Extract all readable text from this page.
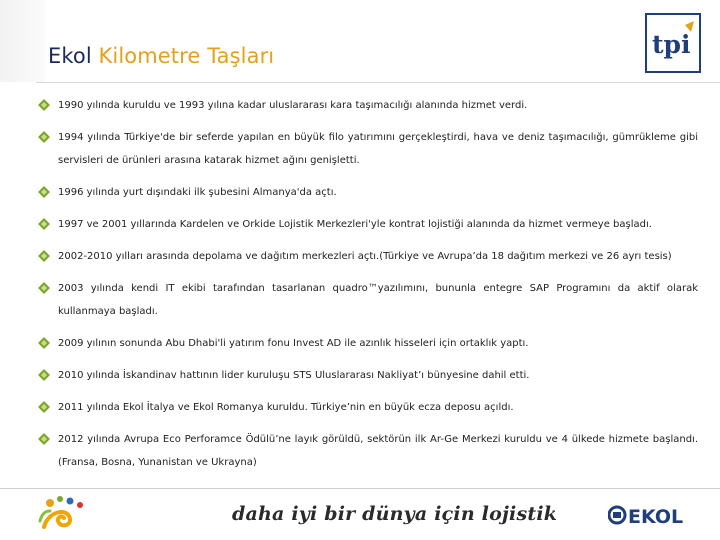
Ekol Kilometre Taşları	tpi
1990 yılında kuruldu ve 1993 yılına kadar uluslararası kara taşımacılığı alanında hizmet verdi.
1994 yılında Türkiye'de bir seferde yapılan en büyük filo yatırımını gerçekleştirdi, hava ve deniz taşımacılığı, gümrükleme gibi servisleri de ürünleri arasına katarak hizmet ağını genişletti.
1996 yılında yurt dışındaki ilk şubesini Almanya'da açtı.
1997 ve 2001 yıllarında Kardelen ve Orkide Lojistik Merkezleri'yle kontrat lojistiği alanında da hizmet vermeye başladı.
2002-2010 yılları arasında depolama ve dağıtım merkezleri açtı.(Türkiye ve Avrupa’da 18 dağıtım merkezi ve 26 ayrı tesis)
2003 yılında kendi IT ekibi tarafından tasarlanan quadro™yazılımını, bununla entegre SAP Programını da aktif olarak kullanmaya başladı.
2009 yılının sonunda Abu Dhabi'li yatırım fonu Invest AD ile azınlık hisseleri için ortaklık yaptı.
2010 yılında İskandinav hattının lider kuruluşu STS Uluslararası Nakliyat’ı bünyesine dahil etti.
2011 yılında Ekol İtalya ve Ekol Romanya kuruldu. Türkiye’nin en büyük ecza deposu açıldı.
2012 yılında Avrupa Eco Perforamce Ödülü’ne layık görüldü, sektörün ilk Ar-Ge Merkezi kuruldu ve 4 ülkede hizmete başlandı. (Fransa, Bosna, Yunanistan ve Ukrayna)
daha iyi bir dünya için lojistik	EKOL
